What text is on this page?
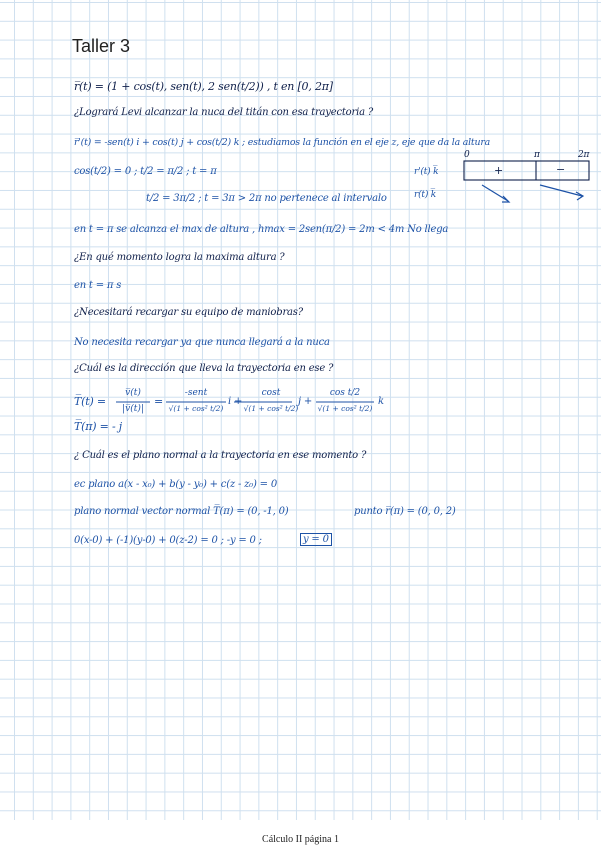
Taller 3
r̅(t) = (1 + cos(t), sen(t), 2 sen(t/2)) , t en [0, 2π]
¿Logrará Levi alcanzar la nuca del titán con esa trayectoria ?
r̅'(t) = -sen(t) i + cos(t) j + cos(t/2) k ; estudiamos la función en el eje z, eje que da la altura
cos(t/2) = 0 ; t/2 = π/2 ; t = π
t/2 = 3π/2 ; t = 3π > 2π no pertenece al intervalo
r'(t) k̅
r(t) k̅
0	π	2π
+	−
en t = π se alcanza el max de altura , hmax = 2sen(π/2) = 2m < 4m No llega
¿En qué momento logra la maxima altura ?
en t = π s
¿Necesitará recargar su equipo de maniobras?
No necesita recargar ya que nunca llegará a la nuca
¿Cuál es la dirección que lleva la trayectoria en ese ?
T̅(t) =
v̅(t)
|v̅(t)|
=
-sent
√(1 + cos² t/2)
i +
cost
√(1 + cos² t/2)
j +
cos t/2
√(1 + cos² t/2)
k
T̅(π) = - j
¿ Cuál es el plano normal a la trayectoria en ese momento ?
ec plano a(x - x₀) + b(y - y₀) + c(z - z₀) = 0
plano normal vector normal T̅(π) = (0, -1, 0)	punto r̅(π) = (0, 0, 2)
0(x-0) + (-1)(y-0) + 0(z-2) = 0 ; -y = 0 ;	y = 0
Cálculo II página 1
